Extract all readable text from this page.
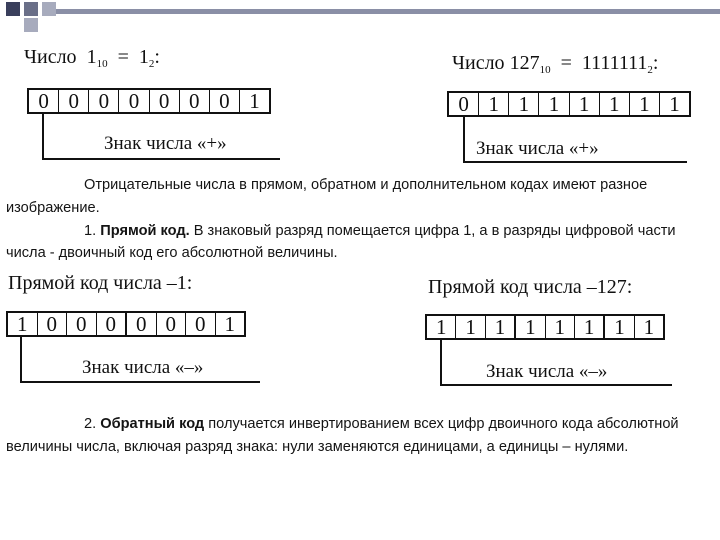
Число $1_{10} = 1_2$:
0 0 0 0 0 0 0 1
Знак числа «+»
Число $127_{10} = 1111111_2$:
0 1 1 1 1 1 1 1
Знак числа «+»
Отрицательные числа в прямом, обратном и дополнительном кодах имеют разное изображение.
1. Прямой код. В знаковый разряд помещается цифра 1, а в разряды цифровой части числа - двоичный код его абсолютной величины.
Прямой код числа –1:
1 0 0 0 0 0 0 1
Знак числа «–»
Прямой код числа –127:
1 1 1 1 1 1 1 1
Знак числа «–»
2. Обратный код получается инвертированием всех цифр двоичного кода абсолютной величины числа, включая разряд знака: нули заменяются единицами, а единицы – нулями.
